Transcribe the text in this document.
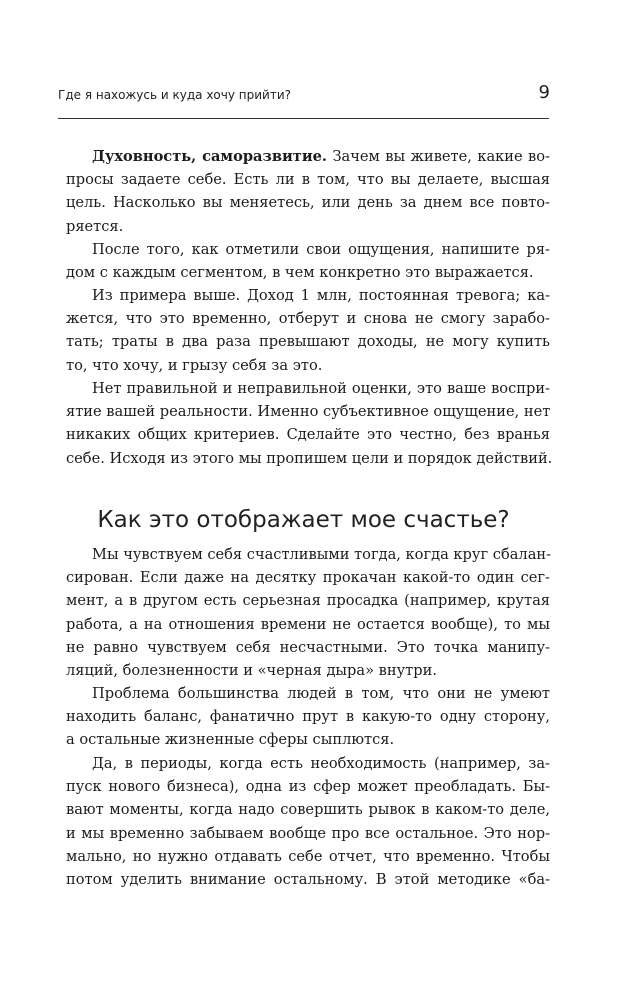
Где я нахожусь и куда хочу прийти?	9

Духовность, саморазвитие. Зачем вы живете, какие во-
просы задаете себе. Есть ли в том, что вы делаете, высшая
цель. Насколько вы меняетесь, или день за днем все повто-
ряется.

После того, как отметили свои ощущения, напишите ря-
дом с каждым сегментом, в чем конкретно это выражается.

Из примера выше. Доход 1 млн, постоянная тревога; ка-
жется, что это временно, отберут и снова не смогу зарабо-
тать; траты в два раза превышают доходы, не могу купить
то, что хочу, и грызу себя за это.

Нет правильной и неправильной оценки, это ваше воспри-
ятие вашей реальности. Именно субъективное ощущение, нет
никаких общих критериев. Сделайте это честно, без вранья
себе. Исходя из этого мы пропишем цели и порядок действий.

Как это отображает мое счастье?

Мы чувствуем себя счастливыми тогда, когда круг сбалан-
сирован. Если даже на десятку прокачан какой-то один сег-
мент, а в другом есть серьезная просадка (например, крутая
работа, а на отношения времени не остается вообще), то мы
не равно чувствуем себя несчастными. Это точка манипу-
ляций, болезненности и «черная дыра» внутри.

Проблема большинства людей в том, что они не умеют
находить баланс, фанатично прут в какую-то одну сторону,
а остальные жизненные сферы сыплются.

Да, в периоды, когда есть необходимость (например, за-
пуск нового бизнеса), одна из сфер может преобладать. Бы-
вают моменты, когда надо совершить рывок в каком-то деле,
и мы временно забываем вообще про все остальное. Это нор-
мально, но нужно отдавать себе отчет, что временно. Чтобы
потом уделить внимание остальному. В этой методике «ба-
